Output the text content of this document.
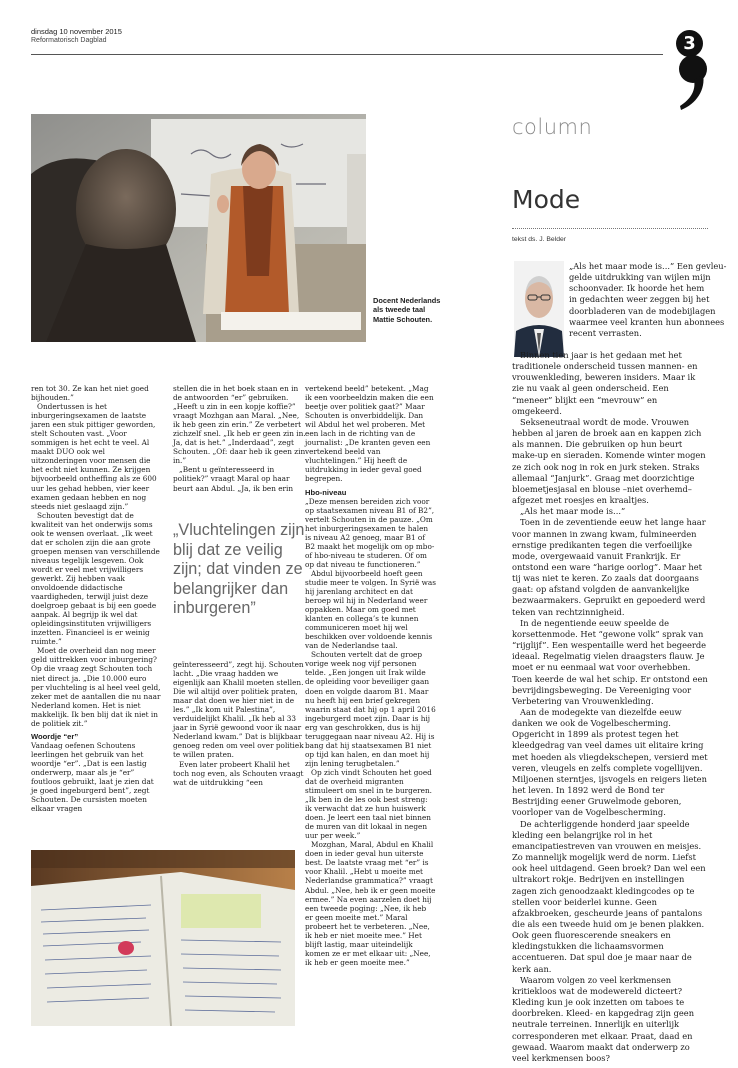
dinsdag 10 november 2015
Reformatorisch Dagblad	3
Docent Nederlands als tweede taal Mattie Schouten.

ren tot 30. Ze kan het niet goed bijhouden.”

Ondertussen is het inburgeringsexamen de laatste jaren een stuk pittiger geworden, stelt Schouten vast. „Voor sommigen is het echt te veel. Al maakt DUO ook wel uitzonderingen voor mensen die het echt niet kunnen. Ze krijgen bijvoorbeeld ontheffing als ze 600 uur les gehad hebben, vier keer examen gedaan hebben en nog steeds niet geslaagd zijn.”

Schouten bevestigt dat de kwaliteit van het onderwijs soms ook te wensen overlaat. „Ik weet dat er scholen zijn die aan grote groepen mensen van verschillende niveaus tegelijk lesgeven. Ook wordt er veel met vrijwilligers gewerkt. Zij hebben vaak onvoldoende didactische vaardigheden, terwijl juist deze doelgroep gebaat is bij een goede aanpak. Al begrijp ik wel dat opleidingsinstituten vrijwilligers inzetten. Financieel is er weinig ruimte.”

Moet de overheid dan nog meer geld uittrekken voor inburgering? Op die vraag zegt Schouten toch niet direct ja. „Die 10.000 euro per vluchteling is al heel veel geld, zeker met de aantallen die nu naar Nederland komen. Het is niet makkelijk. Ik ben blij dat ik niet in de politiek zit.”

Woordje “er”

Vandaag oefenen Schoutens leerlingen het gebruik van het woordje “er”. „Dat is een lastig onderwerp, maar als je “er” foutloos gebruikt, laat je zien dat je goed ingeburgerd bent”, zegt Schouten. De cursisten moeten elkaar vragen

stellen die in het boek staan en in de antwoorden “er” gebruiken. „Heeft u zin in een kopje koffie?” vraagt Mozhgan aan Maral. „Nee, ik heb geen zin erin.” Ze verbetert zichzelf snel. „Ik heb er geen zin in. Ja, dat is het.” „Inderdaad”, zegt Schouten. „Of: daar heb ik geen zin in.”

„Bent u geïnteresseerd in politiek?” vraagt Maral op haar beurt aan Abdul. „Ja, ik ben erin

„Vluchtelingen zijn blij dat ze veilig zijn; dat vinden ze belangrijker dan inburgeren”

geïnteresseerd”, zegt hij. Schouten lacht. „Die vraag hadden we eigenlijk aan Khalil moeten stellen. Die wil altijd over politiek praten, maar dat doen we hier niet in de les.” „Ik kom uit Palestina”, verduidelijkt Khalil. „Ik heb al 33 jaar in Syrië gewoond voor ik naar Nederland kwam.” Dat is blijkbaar genoeg reden om veel over politiek te willen praten.

Even later probeert Khalil het toch nog even, als Schouten vraagt wat de uitdrukking “een

vertekend beeld” betekent. „Mag ik een voorbeeldzin maken die een beetje over politiek gaat?” Maar Schouten is onverbiddelijk. Dan wil Abdul het wel proberen. Met een lach in de richting van de journalist: „De kranten geven een vertekend beeld van vluchtelingen.” Hij heeft de uitdrukking in ieder geval goed begrepen.

Hbo-niveau

„Deze mensen bereiden zich voor op staatsexamen niveau B1 of B2”, vertelt Schouten in de pauze. „Om het inburgeringsexamen te halen is niveau A2 genoeg, maar B1 of B2 maakt het mogelijk om op mbo- of hbo-niveau te studeren. Of om op dat niveau te functioneren.”

Abdul bijvoorbeeld hoeft geen studie meer te volgen. In Syrië was hij jarenlang architect en dat beroep wil hij in Nederland weer oppakken. Maar om goed met klanten en collega’s te kunnen communiceren moet hij wel beschikken over voldoende kennis van de Nederlandse taal.

Schouten vertelt dat de groep vorige week nog vijf personen telde. „Een jongen uit Irak wilde de opleiding voor beveiliger gaan doen en volgde daarom B1. Maar nu heeft hij een brief gekregen waarin staat dat hij op 1 april 2016 ingeburgerd moet zijn. Daar is hij erg van geschrokken, dus is hij teruggegaan naar niveau A2. Hij is bang dat hij staatsexamen B1 niet op tijd kan halen, en dan moet hij zijn lening terugbetalen.”

Op zich vindt Schouten het goed dat de overheid migranten stimuleert om snel in te burgeren. „Ik ben in de les ook best streng: ik verwacht dat ze hun huiswerk doen. Je leert een taal niet binnen de muren van dit lokaal in negen uur per week.”

Mozghan, Maral, Abdul en Khalil doen in ieder geval hun uiterste best. De laatste vraag met “er” is voor Khalil. „Hebt u moeite met Nederlandse grammatica?” vraagt Abdul. „Nee, heb ik er geen moeite ermee.” Na even aarzelen doet hij een tweede poging: „Nee, ik heb er geen moeite met.” Maral probeert het te verbeteren. „Nee, ik heb er niet moeite mee.” Het blijft lastig, maar uiteindelijk komen ze er met elkaar uit: „Nee, ik heb er geen moeite mee.”

column
Mode
tekst ds. J. Belder
„Als het maar mode is...” Een gevleu-
gelde uitdrukking van wijlen mijn
schoonvader. Ik hoorde het hem
in gedachten weer zeggen bij het
doorbladeren van de modebijlagen
waarmee veel kranten hun abonnees
recent verrasten.

Binnen tien jaar is het gedaan met het traditionele onderscheid tussen mannen- en vrouwenkleding, beweren insiders. Maar ik zie nu vaak al geen onderscheid. Een “meneer” blijkt een “mevrouw” en omgekeerd.

Sekseneutraal wordt de mode. Vrouwen hebben al jaren de broek aan en kappen zich als mannen. Die gebruiken op hun beurt make-up en sieraden. Komende winter mogen ze zich ook nog in rok en jurk steken. Straks allemaal “Janjurk”. Graag met doorzichtige bloemetjesjasal en blouse –niet overhemd– afgezet met roesjes en kraaltjes.

„Als het maar mode is...”

Toen in de zeventiende eeuw het lange haar voor mannen in zwang kwam, fulmineerden ernstige predikanten tegen die verfoeilijke mode, overgewaaid vanuit Frankrijk. Er ontstond een ware “harige oorlog”. Maar het tij was niet te keren. Zo zaals dat doorgaans gaat: op afstand volgden de aanvankelijke bezwaarmakers. Gepruikt en gepoederd werd teken van rechtzinnigheid.

In de negentiende eeuw speelde de korsettenmode. Het “gewone volk” sprak van “rijglijf”. Een wespentaille werd het begeerde ideaal. Regelmatig vielen draagsters flauw. Je moet er nu eenmaal wat voor overhebben. Toen keerde de wal het schip. Er ontstond een bevrijdingsbeweging. De Vereeniging voor Verbetering van Vrouwenkleding.

Aan de modegekte van diezelfde eeuw danken we ook de Vogelbescherming. Opgericht in 1899 als protest tegen het kleedgedrag van veel dames uit elitaire kring met hoeden als vliegdekschepen, versierd met veren, vleugels en zelfs complete vogellijven. Miljoenen sterntjes, ijsvogels en reigers lieten het leven. In 1892 werd de Bond ter Bestrijding eener Gruwelmode geboren, voorloper van de Vogelbescherming.

De achterliggende honderd jaar speelde kleding een belangrijke rol in het emancipatiestreven van vrouwen en meisjes. Zo mannelijk mogelijk werd de norm. Liefst ook heel uitdagend. Geen broek? Dan wel een ultrakort rokje. Bedrijven en instellingen zagen zich genoodzaakt kledingcodes op te stellen voor beiderlei kunne. Geen afzakbroeken, gescheurde jeans of pantalons die als een tweede huid om je benen plakken. Ook geen fluorescerende sneakers en kledingstukken die lichaamsvormen accentueren. Dat spul doe je maar naar de kerk aan.

Waarom volgen zo veel kerkmensen kritiekloos wat de modewereld dicteert? Kleding kun je ook inzetten om taboes te doorbreken. Kleed- en kapgedrag zijn geen neutrale terreinen. Innerlijk en uiterlijk corresponderen met elkaar. Praat, daad en gewaad. Waarom maakt dat onderwerp zo veel kerkmensen boos?
